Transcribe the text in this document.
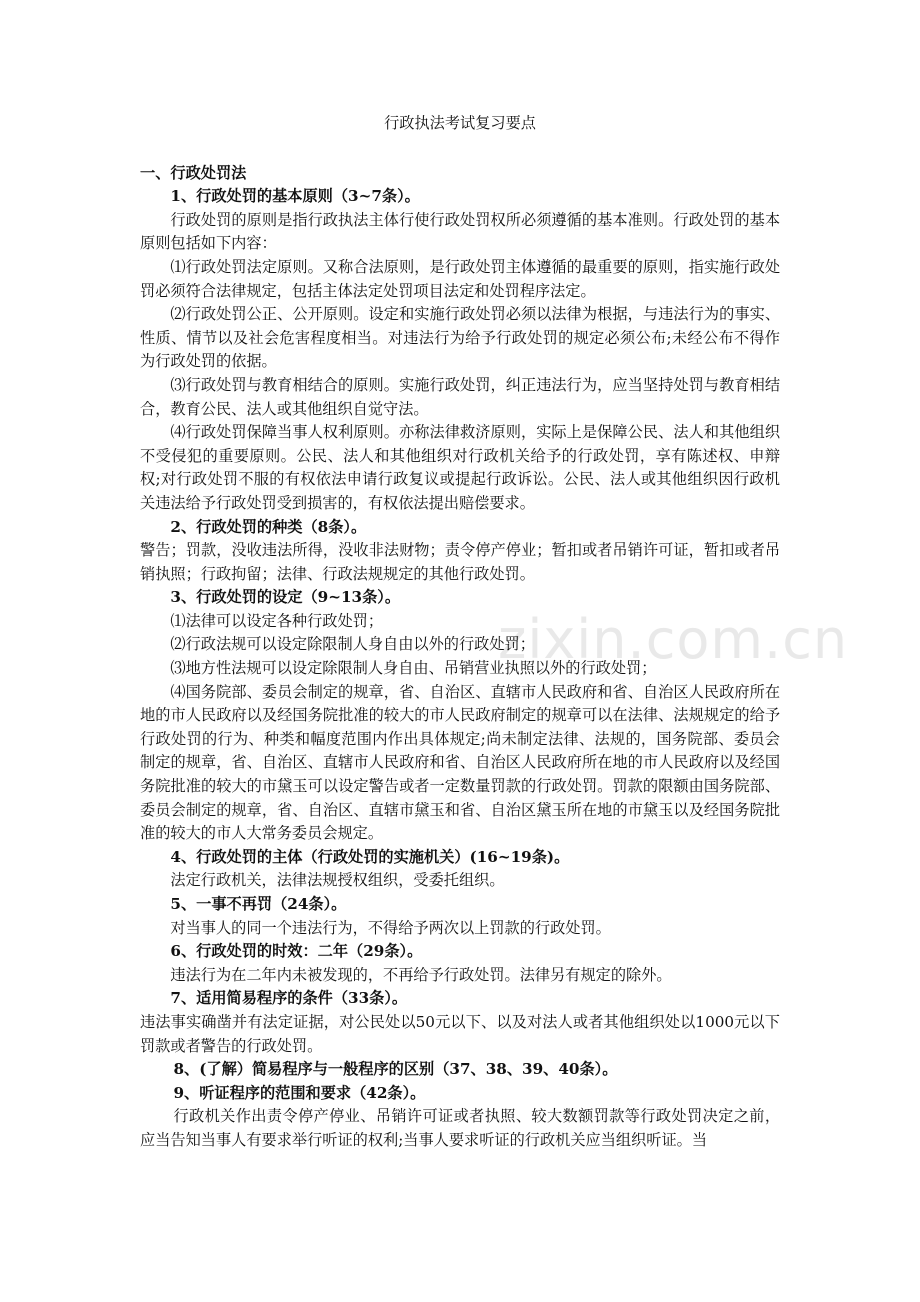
zixin.com.cn
行政执法考试复习要点
一、行政处罚法
1、行政处罚的基本原则（3~7条）。
行政处罚的原则是指行政执法主体行使行政处罚权所必须遵循的基本准则。行政处罚的基本原则包括如下内容：
⑴行政处罚法定原则。又称合法原则，是行政处罚主体遵循的最重要的原则，指实施行政处罚必须符合法律规定，包括主体法定处罚项目法定和处罚程序法定。
⑵行政处罚公正、公开原则。设定和实施行政处罚必须以法律为根据，与违法行为的事实、性质、情节以及社会危害程度相当。对违法行为给予行政处罚的规定必须公布;未经公布不得作为行政处罚的依据。
⑶行政处罚与教育相结合的原则。实施行政处罚，纠正违法行为，应当坚持处罚与教育相结合，教育公民、法人或其他组织自觉守法。
⑷行政处罚保障当事人权利原则。亦称法律救济原则，实际上是保障公民、法人和其他组织不受侵犯的重要原则。公民、法人和其他组织对行政机关给予的行政处罚，享有陈述权、申辩权;对行政处罚不服的有权依法申请行政复议或提起行政诉讼。公民、法人或其他组织因行政机关违法给予行政处罚受到损害的，有权依法提出赔偿要求。
2、行政处罚的种类（8条）。
警告；罚款，没收违法所得，没收非法财物；责令停产停业；暂扣或者吊销许可证，暂扣或者吊销执照；行政拘留；法律、行政法规规定的其他行政处罚。
3、行政处罚的设定（9~13条）。
⑴法律可以设定各种行政处罚；
⑵行政法规可以设定除限制人身自由以外的行政处罚；
⑶地方性法规可以设定除限制人身自由、吊销营业执照以外的行政处罚；
⑷国务院部、委员会制定的规章，省、自治区、直辖市人民政府和省、自治区人民政府所在地的市人民政府以及经国务院批准的较大的市人民政府制定的规章可以在法律、法规规定的给予行政处罚的行为、种类和幅度范围内作出具体规定;尚未制定法律、法规的，国务院部、委员会制定的规章，省、自治区、直辖市人民政府和省、自治区人民政府所在地的市人民政府以及经国务院批准的较大的市黛玉可以设定警告或者一定数量罚款的行政处罚。罚款的限额由国务院部、委员会制定的规章，省、自治区、直辖市黛玉和省、自治区黛玉所在地的市黛玉以及经国务院批准的较大的市人大常务委员会规定。
4、行政处罚的主体（行政处罚的实施机关）(16~19条)。
法定行政机关，法律法规授权组织，受委托组织。
5、一事不再罚（24条）。
对当事人的同一个违法行为，不得给予两次以上罚款的行政处罚。
6、行政处罚的时效：二年（29条）。
违法行为在二年内未被发现的，不再给予行政处罚。法律另有规定的除外。
7、适用简易程序的条件（33条）。
违法事实确凿并有法定证据，对公民处以50元以下、以及对法人或者其他组织处以1000元以下罚款或者警告的行政处罚。
8、(了解）简易程序与一般程序的区别（37、38、39、40条）。
9、听证程序的范围和要求（42条）。
行政机关作出责令停产停业、吊销许可证或者执照、较大数额罚款等行政处罚决定之前，应当告知当事人有要求举行听证的权利;当事人要求听证的行政机关应当组织听证。当
